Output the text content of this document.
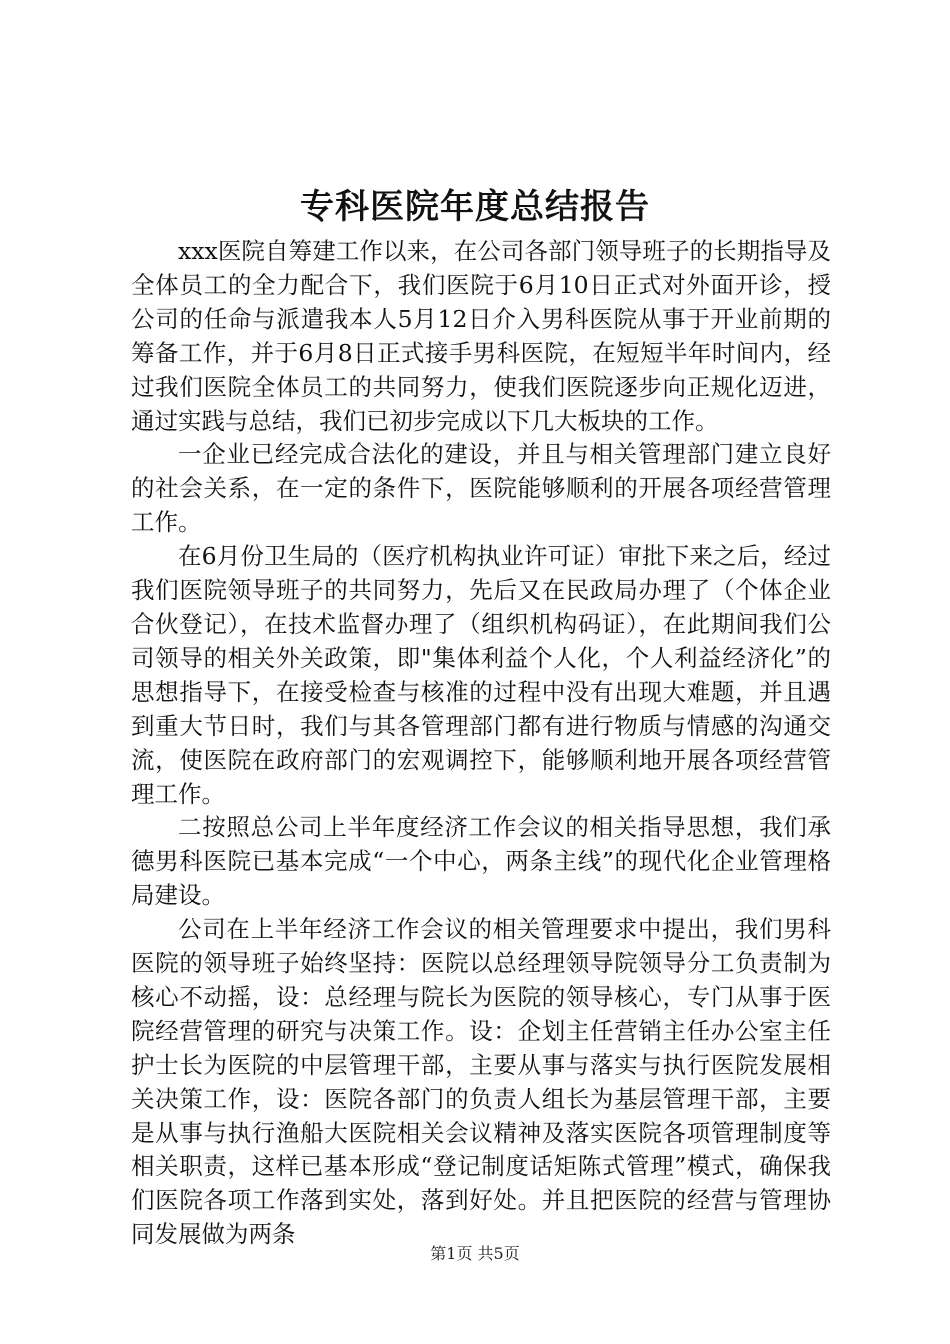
专科医院年度总结报告

xxx医院自筹建工作以来，在公司各部门领导班子的长期指导及全体员工的全力配合下，我们医院于6月10日正式对外面开诊，授公司的任命与派遣我本人5月12日介入男科医院从事于开业前期的筹备工作，并于6月8日正式接手男科医院，在短短半年时间内，经过我们医院全体员工的共同努力，使我们医院逐步向正规化迈进，通过实践与总结，我们已初步完成以下几大板块的工作。

一企业已经完成合法化的建设，并且与相关管理部门建立良好的社会关系，在一定的条件下，医院能够顺利的开展各项经营管理工作。

在6月份卫生局的（医疗机构执业许可证）审批下来之后，经过我们医院领导班子的共同努力，先后又在民政局办理了（个体企业合伙登记），在技术监督办理了（组织机构码证），在此期间我们公司领导的相关外关政策，即"集体利益个人化，个人利益经济化”的思想指导下，在接受检查与核准的过程中没有出现大难题，并且遇到重大节日时，我们与其各管理部门都有进行物质与情感的沟通交流，使医院在政府部门的宏观调控下，能够顺利地开展各项经营管理工作。

二按照总公司上半年度经济工作会议的相关指导思想，我们承德男科医院已基本完成“一个中心，两条主线”的现代化企业管理格局建设。

公司在上半年经济工作会议的相关管理要求中提出，我们男科医院的领导班子始终坚持：医院以总经理领导院领导分工负责制为核心不动摇，设：总经理与院长为医院的领导核心，专门从事于医院经营管理的研究与决策工作。设：企划主任营销主任办公室主任护士长为医院的中层管理干部，主要从事与落实与执行医院发展相关决策工作，设：医院各部门的负责人组长为基层管理干部，主要是从事与执行渔船大医院相关会议精神及落实医院各项管理制度等相关职责，这样已基本形成“登记制度话矩陈式管理”模式，确保我们医院各项工作落到实处，落到好处。并且把医院的经营与管理协同发展做为两条

第1页 共5页
